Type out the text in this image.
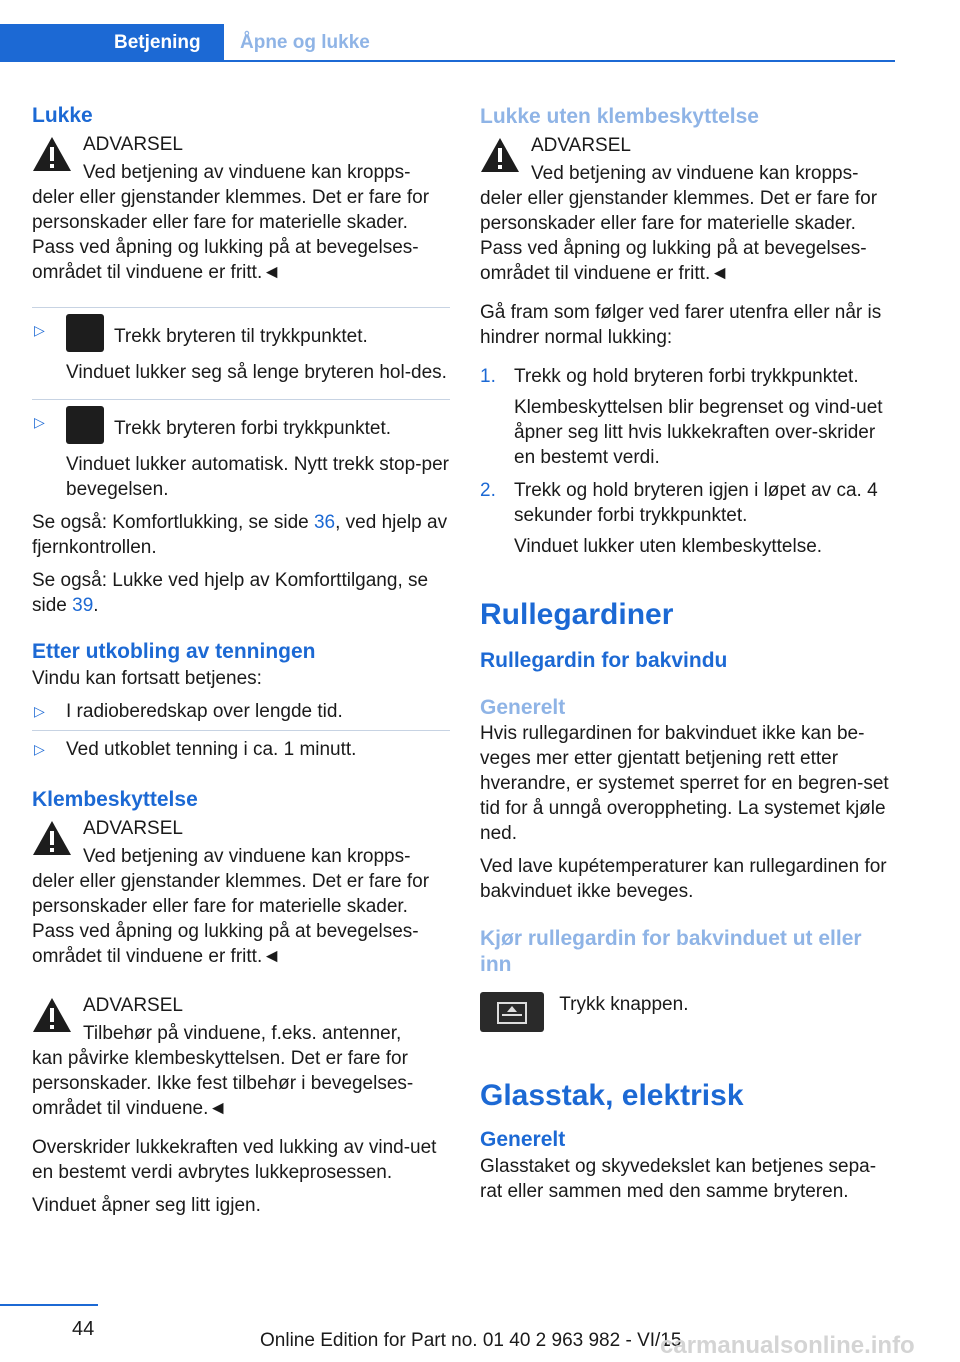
Betjening	Åpne og lukke
Lukke
ADVARSEL
Ved betjening av vinduene kan kropps-
deler eller gjenstander klemmes. Det er fare for personskader eller fare for materielle skader. Pass ved åpning og lukking på at bevegelses-området til vinduene er fritt.◄
▷	Trekk bryteren til trykkpunktet.
Vinduet lukker seg så lenge bryteren hol-des.
▷	Trekk bryteren forbi trykkpunktet.
Vinduet lukker automatisk. Nytt trekk stop-per bevegelsen.

Se også: Komfortlukking, se side 36, ved hjelp av fjernkontrollen.

Se også: Lukke ved hjelp av Komforttilgang, se side 39.

Etter utkobling av tenningen

Vindu kan fortsatt betjenes:

▷ I radioberedskap over lengde tid.
▷ Ved utkoblet tenning i ca. 1 minutt.
Klembeskyttelse
ADVARSEL
Ved betjening av vinduene kan kropps-
deler eller gjenstander klemmes. Det er fare for personskader eller fare for materielle skader. Pass ved åpning og lukking på at bevegelses-området til vinduene er fritt.◄
ADVARSEL
Tilbehør på vinduene, f.eks. antenner,
kan påvirke klembeskyttelsen. Det er fare for personskader. Ikke fest tilbehør i bevegelses-området til vinduene.◄

Overskrider lukkekraften ved lukking av vind-uet en bestemt verdi avbrytes lukkeprosessen.

Vinduet åpner seg litt igjen.

Lukke uten klembeskyttelse
ADVARSEL
Ved betjening av vinduene kan kropps-
deler eller gjenstander klemmes. Det er fare for personskader eller fare for materielle skader. Pass ved åpning og lukking på at bevegelses-området til vinduene er fritt.◄

Gå fram som følger ved farer utenfra eller når is hindrer normal lukking:

1. Trekk og hold bryteren forbi trykkpunktet.
Klembeskyttelsen blir begrenset og vind-uet åpner seg litt hvis lukkekraften over-skrider en bestemt verdi.
2. Trekk og hold bryteren igjen i løpet av ca. 4 sekunder forbi trykkpunktet.
Vinduet lukker uten klembeskyttelse.
Rullegardiner
Rullegardin for bakvindu
Generelt

Hvis rullegardinen for bakvinduet ikke kan be-veges mer etter gjentatt betjening rett etter hverandre, er systemet sperret for en begren-set tid for å unngå overoppheting. La systemet kjøle ned.

Ved lave kupétemperaturer kan rullegardinen for bakvinduet ikke beveges.

Kjør rullegardin for bakvinduet ut eller inn
Trykk knappen.
Glasstak, elektrisk
Generelt

Glasstaket og skyvedekslet kan betjenes sepa-rat eller sammen med den samme bryteren.

44
Online Edition for Part no. 01 40 2 963 982 - VI/15
carmanualsonline.info
